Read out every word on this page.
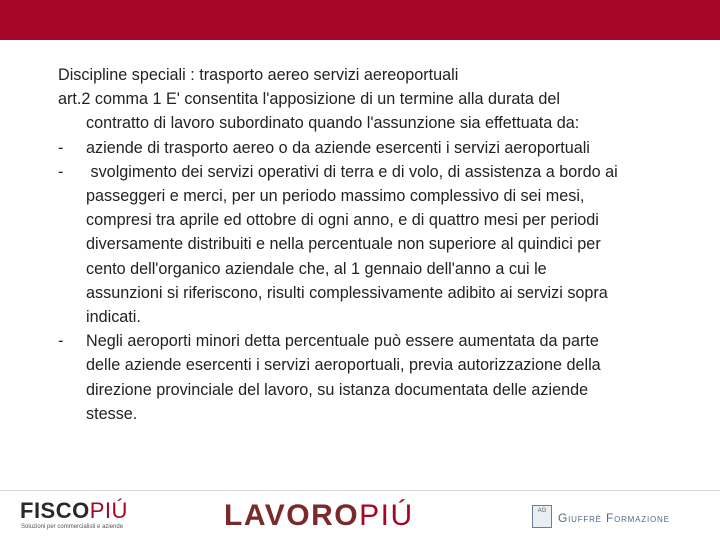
Discipline speciali : trasporto aereo servizi aereoportuali

art.2 comma 1 E' consentita l'apposizione di un termine alla durata del

contratto di lavoro subordinato quando l'assunzione sia effettuata da:

- aziende di trasporto aereo o da aziende esercenti i servizi aeroportuali

- svolgimento dei servizi operativi di terra e di volo, di assistenza a bordo ai

passeggeri e merci, per un periodo massimo complessivo di sei mesi,

compresi tra aprile ed ottobre di ogni anno, e di quattro mesi per periodi

diversamente distribuiti e nella percentuale non superiore al quindici per

cento dell'organico aziendale che, al 1 gennaio dell'anno a cui le

assunzioni si riferiscono, risulti complessivamente adibito ai servizi sopra

indicati.

- Negli aeroporti minori detta percentuale può essere aumentata da parte

delle aziende esercenti i servizi aeroportuali, previa autorizzazione della

direzione provinciale del lavoro, su istanza documentata delle aziende

stesse.

FISCOPIÚ
Soluzioni per commercialisti e aziende	LAVOROPIÚ	AG Giuffrè Formazione
